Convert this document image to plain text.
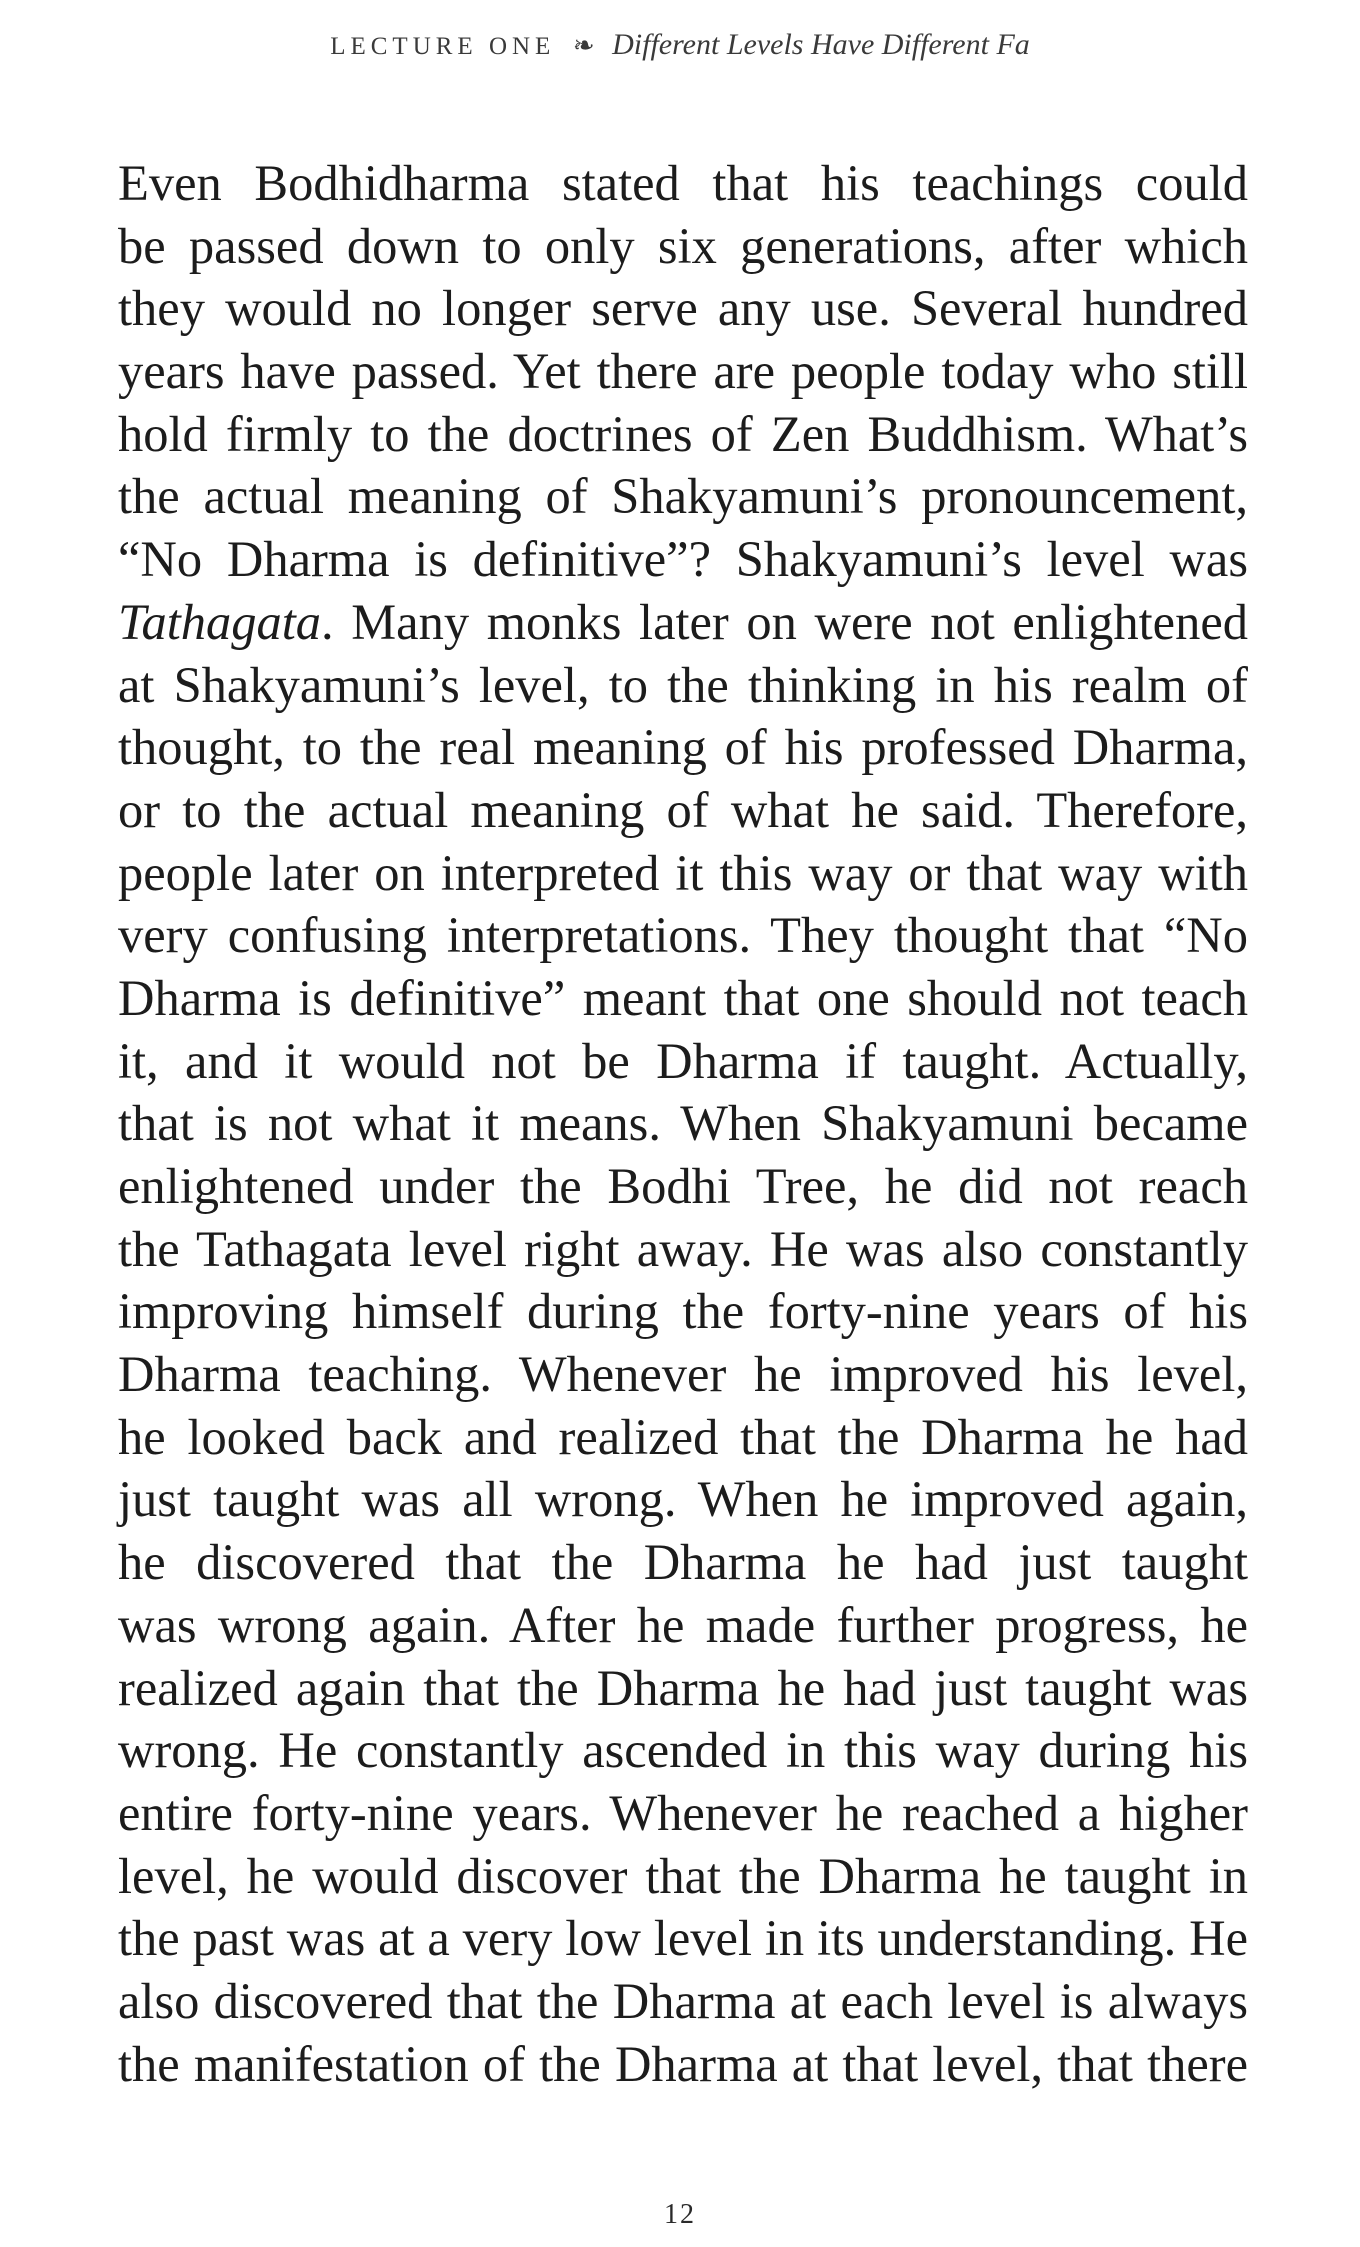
LECTURE ONE ❧ Different Levels Have Different Fa
Even Bodhidharma stated that his teachings could
be passed down to only six generations, after which
they would no longer serve any use. Several hundred
years have passed. Yet there are people today who still
hold firmly to the doctrines of Zen Buddhism. What’s
the actual meaning of Shakyamuni’s pronouncement,
“No Dharma is definitive”? Shakyamuni’s level was
Tathagata. Many monks later on were not enlightened
at Shakyamuni’s level, to the thinking in his realm of
thought, to the real meaning of his professed Dharma,
or to the actual meaning of what he said. Therefore,
people later on interpreted it this way or that way with
very confusing interpretations. They thought that “No
Dharma is definitive” meant that one should not teach
it, and it would not be Dharma if taught. Actually,
that is not what it means. When Shakyamuni became
enlightened under the Bodhi Tree, he did not reach
the Tathagata level right away. He was also constantly
improving himself during the forty-nine years of his
Dharma teaching. Whenever he improved his level,
he looked back and realized that the Dharma he had
just taught was all wrong. When he improved again,
he discovered that the Dharma he had just taught
was wrong again. After he made further progress, he
realized again that the Dharma he had just taught was
wrong. He constantly ascended in this way during his
entire forty-nine years. Whenever he reached a higher
level, he would discover that the Dharma he taught in
the past was at a very low level in its understanding. He
also discovered that the Dharma at each level is always
the manifestation of the Dharma at that level, that there
12
